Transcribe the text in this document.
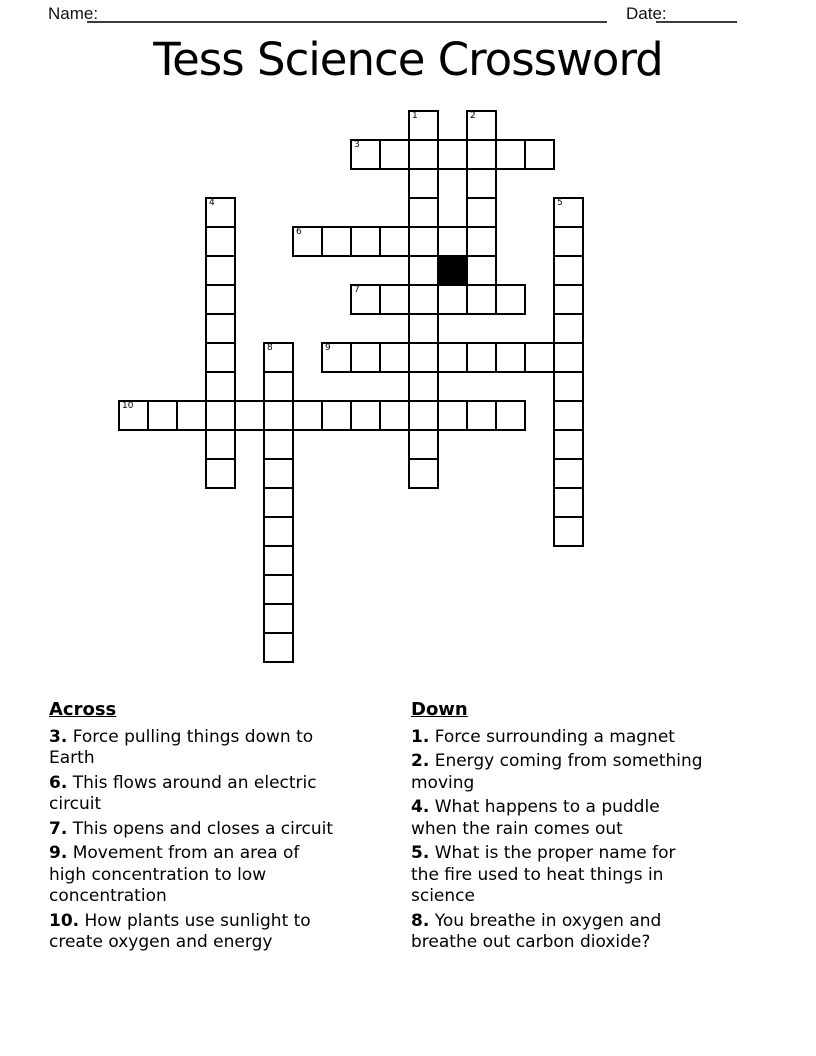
Name:	Date:
Tess Science Crossword
1	2
3
4	5
6
7
8	9
10
Across

3. Force pulling things down to
Earth

6. This flows around an electric
circuit

7. This opens and closes a circuit

9. Movement from an area of
high concentration to low
concentration

10. How plants use sunlight to
create oxygen and energy

Down

1. Force surrounding a magnet

2. Energy coming from something
moving

4. What happens to a puddle
when the rain comes out

5. What is the proper name for
the fire used to heat things in
science

8. You breathe in oxygen and
breathe out carbon dioxide?
